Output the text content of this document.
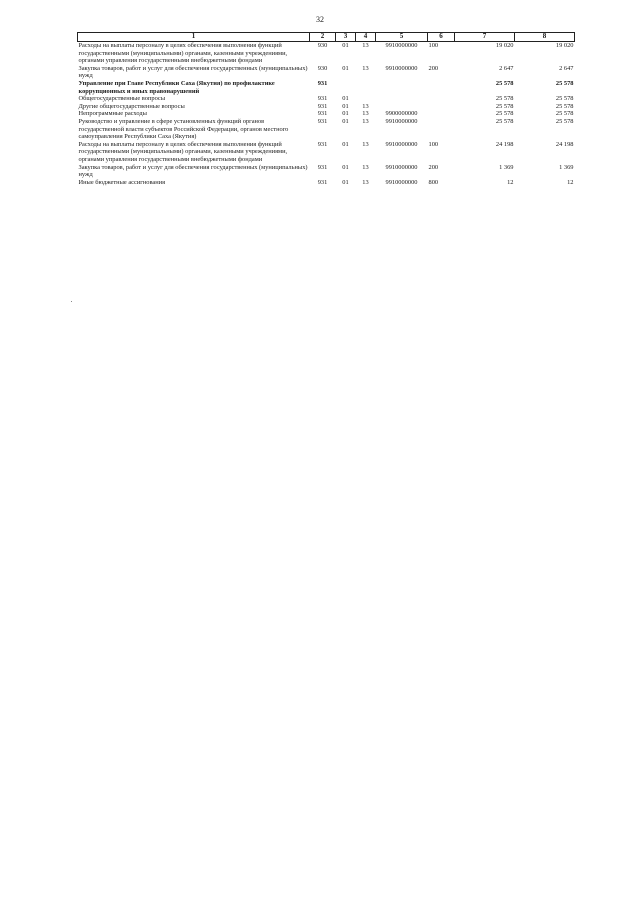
32
1	2	3	4	5	6	7	8
Расходы на выплаты персоналу в целях обеспечения выполнения функций государственными (муниципальными) органами, казенными учреждениями, органами управления государственными внебюджетными фондами	930	01	13	9910000000	100	19 020	19 020
Закупка товаров, работ и услуг для обеспечения государственных (муниципальных) нужд	930	01	13	9910000000	200	2 647	2 647
Управление при Главе Республики Саха (Якутия) по профилактике коррупционных и иных правонарушений	931					25 578	25 578
Общегосударственные вопросы	931	01				25 578	25 578
Другие общегосударственные вопросы	931	01	13			25 578	25 578
Непрограммные расходы	931	01	13	9900000000		25 578	25 578
Руководство и управление в сфере установленных функций органов государственной власти субъектов Российской Федерации, органов местного самоуправления Республики Саха (Якутия)	931	01	13	9910000000		25 578	25 578
Расходы на выплаты персоналу в целях обеспечения выполнения функций государственными (муниципальными) органами, казенными учреждениями, органами управления государственными внебюджетными фондами	931	01	13	9910000000	100	24 198	24 198
Закупка товаров, работ и услуг для обеспечения государственных (муниципальных) нужд	931	01	13	9910000000	200	1 369	1 369
Иные бюджетные ассигнования	931	01	13	9910000000	800	12	12
